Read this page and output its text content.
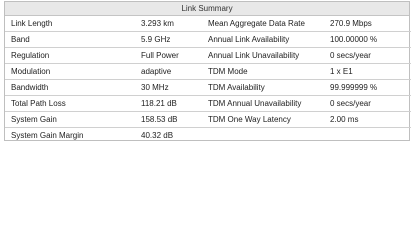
Link Summary
Link Length	3.293 km	Mean Aggregate Data Rate	270.9 Mbps
Band	5.9 GHz	Annual Link Availability	100.00000 %
Regulation	Full Power	Annual Link Unavailability	0 secs/year
Modulation	adaptive	TDM Mode	1 x E1
Bandwidth	30 MHz	TDM Availability	99.999999 %
Total Path Loss	118.21 dB	TDM Annual Unavailability	0 secs/year
System Gain	158.53 dB	TDM One Way Latency	2.00 ms
System Gain Margin	40.32 dB		
